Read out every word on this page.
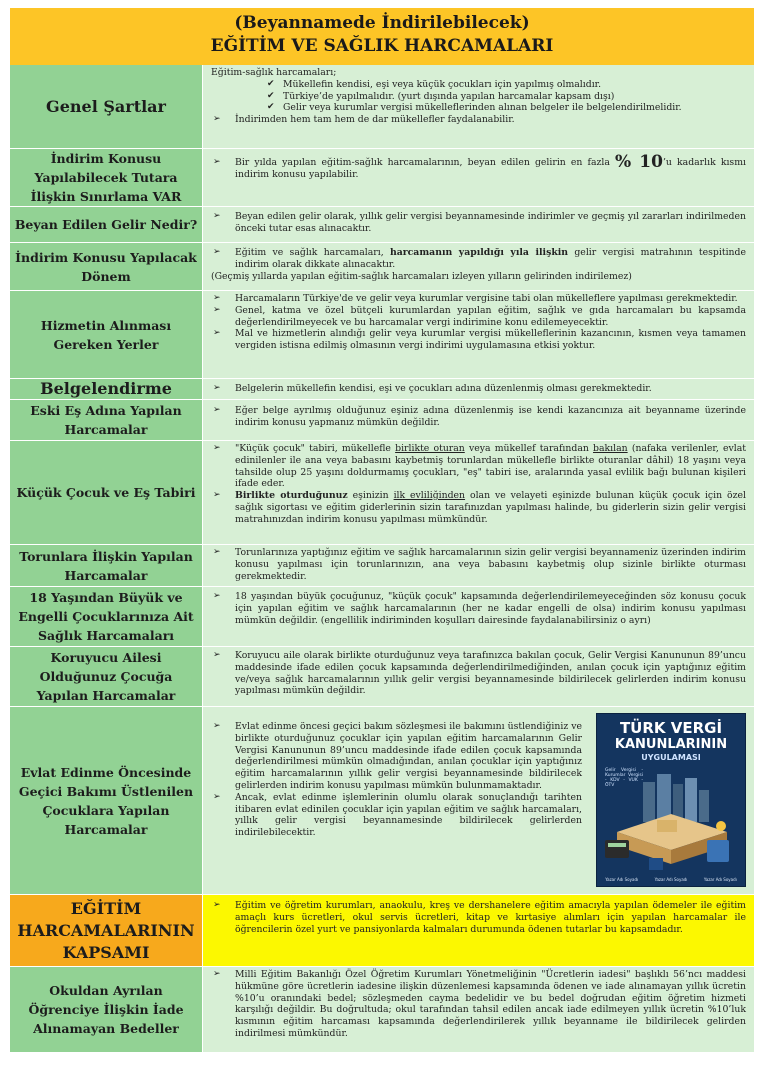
(Beyannamede İndirilebilecek)
EĞİTİM VE SAĞLIK HARCAMALARI
Genel Şartlar

Eğitim-sağlık harcamaları;

✔ Mükellefin kendisi, eşi veya küçük çocukları için yapılmış olmalıdır.

✔ Türkiye’de yapılmalıdır. (yurt dışında yapılan harcamalar kapsam dışı)

✔ Gelir veya kurumlar vergisi mükelleflerinden alınan belgeler ile belgelendirilmelidir.

➢ İndirimden hem tam hem de dar mükellefler faydalanabilir.

İndirim Konusu Yapılabilecek Tutara İlişkin Sınırlama VAR

➢ Bir yılda yapılan eğitim-sağlık harcamalarının, beyan edilen gelirin en fazla % 10’u kadarlık kısmı indirim konusu yapılabilir.

Beyan Edilen Gelir Nedir?

➢ Beyan edilen gelir olarak, yıllık gelir vergisi beyannamesinde indirimler ve geçmiş yıl zararları indirilmeden önceki tutar esas alınacaktır.

İndirim Konusu Yapılacak Dönem

➢ Eğitim ve sağlık harcamaları, harcamanın yapıldığı yıla ilişkin gelir vergisi matrahının tespitinde indirim olarak dikkate alınacaktır.

(Geçmiş yıllarda yapılan eğitim-sağlık harcamaları izleyen yılların gelirinden indirilemez)

Hizmetin Alınması Gereken Yerler

➢ Harcamaların Türkiye'de ve gelir veya kurumlar vergisine tabi olan mükelleflere yapılması gerekmektedir.

➢ Genel, katma ve özel bütçeli kurumlardan yapılan eğitim, sağlık ve gıda harcamaları bu kapsamda değerlendirilmeyecek ve bu harcamalar vergi indirimine konu edilemeyecektir.

➢ Mal ve hizmetlerin alındığı gelir veya kurumlar vergisi mükelleflerinin kazancının, kısmen veya tamamen vergiden istisna edilmiş olmasının vergi indirimi uygulamasına etkisi yoktur.

Belgelendirme

➢	Belgelerin mükellefin kendisi, eşi ve çocukları adına düzenlenmiş olması gerekmektedir.

Eski Eş Adına Yapılan Harcamalar

➢ Eğer belge ayrılmış olduğunuz eşiniz adına düzenlenmiş ise kendi kazancınıza ait beyanname üzerinde indirim konusu yapmanız mümkün değildir.

Küçük Çocuk ve Eş Tabiri

➢ "Küçük çocuk" tabiri, mükellefle birlikte oturan veya mükellef tarafından bakılan (nafaka verilenler, evlat edinilenler ile ana veya babasını kaybetmiş torunlardan mükellefle birlikte oturanlar dâhil) 18 yaşını veya tahsilde olup 25 yaşını doldurmamış çocukları, "eş" tabiri ise, aralarında yasal evlilik bağı bulunan kişileri ifade eder.

➢ Birlikte oturduğunuz eşinizin ilk evliliğinden olan ve velayeti eşinizde bulunan küçük çocuk için özel sağlık sigortası ve eğitim giderlerinin sizin tarafınızdan yapılması halinde, bu giderlerin sizin gelir vergisi matrahınızdan indirim konusu yapılması mümkündür.

Torunlara İlişkin Yapılan Harcamalar

➢ Torunlarınıza yaptığınız eğitim ve sağlık harcamalarının sizin gelir vergisi beyannameniz üzerinden indirim konusu yapılması için torunlarınızın, ana veya babasını kaybetmiş olup sizinle birlikte oturması gerekmektedir.

18 Yaşından Büyük ve Engelli Çocuklarınıza Ait Sağlık Harcamaları

➢ 18 yaşından büyük çocuğunuz, "küçük çocuk" kapsamında değerlendirilemeyeceğinden söz konusu çocuk için yapılan eğitim ve sağlık harcamalarının (her ne kadar engelli de olsa) indirim konusu yapılması mümkün değildir. (engellilik indiriminden koşulları dairesinde faydalanabilirsiniz o ayrı)

Koruyucu Ailesi Olduğunuz Çocuğa Yapılan Harcamalar

➢ Koruyucu aile olarak birlikte oturduğunuz veya tarafınızca bakılan çocuk, Gelir Vergisi Kanununun 89’uncu maddesinde ifade edilen çocuk kapsamında değerlendirilmediğinden, anılan çocuk için yaptığınız eğitim ve/veya sağlık harcamalarının yıllık gelir vergisi beyannamesinde bildirilecek gelirlerden indirim konusu yapılması mümkün değildir.

Evlat Edinme Öncesinde Geçici Bakımı Üstlenilen Çocuklara Yapılan Harcamalar

➢ Evlat edinme öncesi geçici bakım sözleşmesi ile bakımını üstlendiğiniz ve birlikte oturduğunuz çocuklar için yapılan eğitim harcamalarının Gelir Vergisi Kanununun 89’uncu maddesinde ifade edilen çocuk kapsamında değerlendirilmesi mümkün olmadığından, anılan çocuklar için yaptığınız eğitim harcamalarının yıllık gelir vergisi beyannamesinde bildirilecek gelirlerden indirim konusu yapılması mümkün bulunmamaktadır.

➢ Ancak, evlat edinme işlemlerinin olumlu olarak sonuçlandığı tarihten itibaren evlat edinilen çocuklar için yapılan eğitim ve sağlık harcamaları, yıllık gelir vergisi beyannamesinde bildirilecek gelirlerden indirilebilecektir.

TÜRK VERGİ
KANUNLARININ
UYGULAMASI
Gelir Vergisi - Kurumlar Vergisi - KDV - VUK - ÖTV
Yazar Adı Soyadı	Yazar Adı Soyadı	Yazar Adı Soyadı
EĞİTİM HARCAMALARININ KAPSAMI

➢ Eğitim ve öğretim kurumları, anaokulu, kreş ve dershanelere eğitim amacıyla yapılan ödemeler ile eğitim amaçlı kurs ücretleri, okul servis ücretleri, kitap ve kırtasiye alımları için yapılan harcamalar ile öğrencilerin özel yurt ve pansiyonlarda kalmaları durumunda ödenen tutarlar bu kapsamdadır.

Okuldan Ayrılan Öğrenciye İlişkin İade Alınamayan Bedeller

➢ Milli Eğitim Bakanlığı Özel Öğretim Kurumları Yönetmeliğinin "Ücretlerin iadesi" başlıklı 56’ncı maddesi hükmüne göre ücretlerin iadesine ilişkin düzenlemesi kapsamında ödenen ve iade alınamayan yıllık ücretin %10’u oranındaki bedel; sözleşmeden cayma bedelidir ve bu bedel doğrudan eğitim öğretim hizmeti karşılığı değildir. Bu doğrultuda; okul tarafından tahsil edilen ancak iade edilmeyen yıllık ücretin %10’luk kısmının eğitim harcaması kapsamında değerlendirilerek yıllık beyanname ile bildirilecek gelirden indirilmesi mümkündür.
